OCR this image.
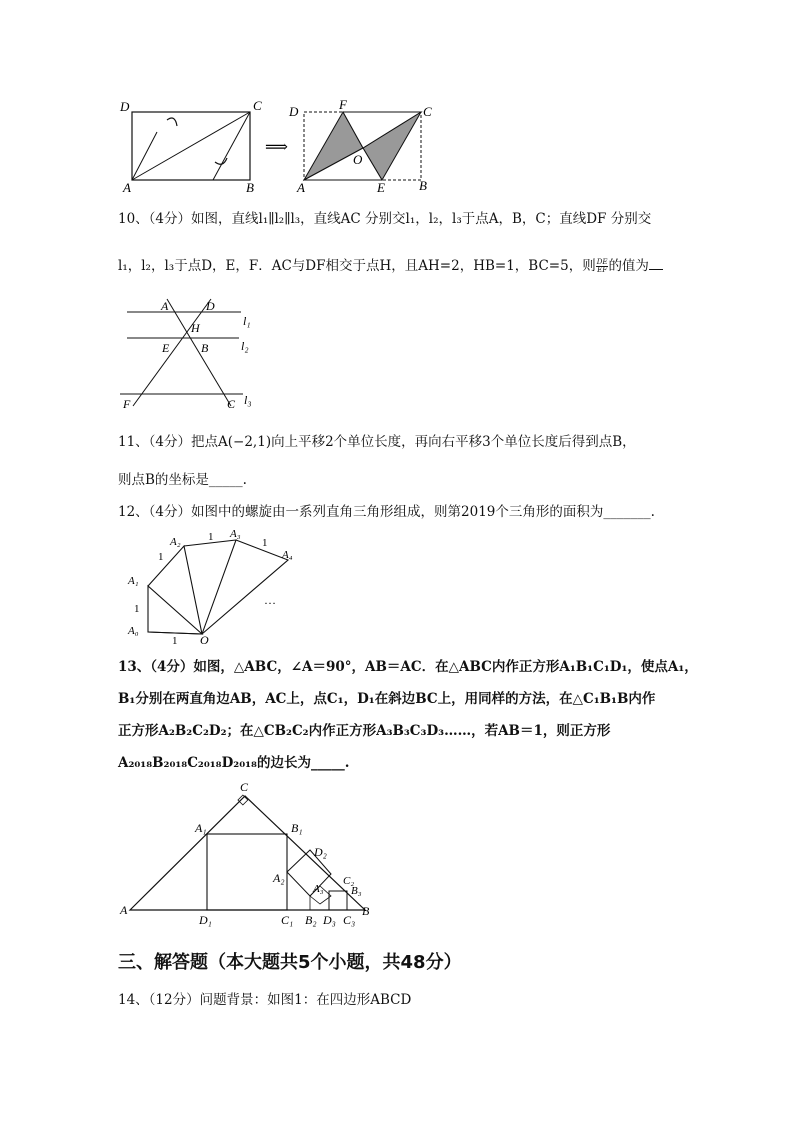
D	C
A	B
⟹
D	F	C
O
A	E	B
10、（4分）如图，直线l₁∥l₂∥l₃，直线AC 分别交l₁，l₂，l₃于点A，B，C；直线DF 分别交
l₁，l₂，l₃于点D，E，F．AC与DF相交于点H，且AH=2，HB=1，BC=5，则 $\frac{DE}{EF}$ 的值为
A	D
l₁
H
E	B	l₂
F	C l₃
11、（4分）把点A(−2,1)向上平移2个单位长度，再向右平移3个单位长度后得到点B，
则点B的坐标是_____.
12、（4分）如图中的螺旋由一系列直角三角形组成，则第2019个三角形的面积为_______.
A₁
A₂
A₃
A₄
A₀
O
1
1	1
1
1
…
13、（4分）如图，△ABC，∠A＝90°，AB＝AC．在△ABC内作正方形A₁B₁C₁D₁，使点A₁，
B₁分别在两直角边AB，AC上，点C₁，D₁在斜边BC上，用同样的方法，在△C₁B₁B内作
正方形A₂B₂C₂D₂；在△CB₂C₂内作正方形A₃B₃C₃D₃……，若AB＝1，则正方形
A₂₀₁₈B₂₀₁₈C₂₀₁₈D₂₀₁₈的边长为_____.
A₁
C
B₁
D₂
A₂
A₃
C₂
B₃
A
D₁	C₁ B₂ D₃ C₃
B
三、解答题（本大题共5个小题，共48分）
14、（12分）问题背景：如图1：在四边形ABCD
